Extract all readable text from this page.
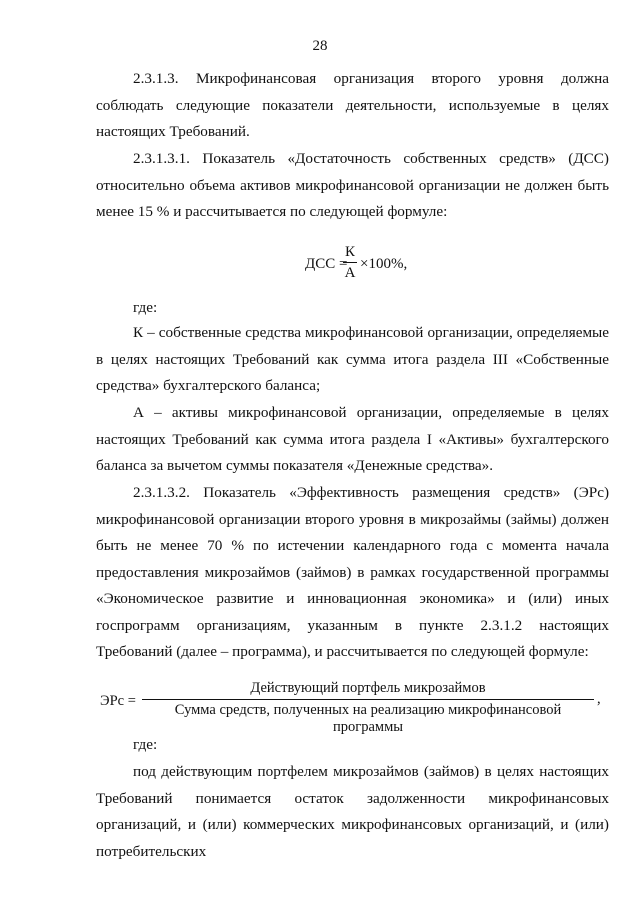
28

2.3.1.3. Микрофинансовая организация второго уровня должна соблюдать следующие показатели деятельности, используемые в целях настоящих Требований.

2.3.1.3.1. Показатель «Достаточность собственных средств» (ДСС) относительно объема активов микрофинансовой организации не должен быть менее 15 % и рассчитывается по следующей формуле:

ДСС =
К
А
×100%,

где:

К – собственные средства микрофинансовой организации, определяемые в целях настоящих Требований как сумма итога раздела III «Собственные средства» бухгалтерского баланса;

А – активы микрофинансовой организации, определяемые в целях настоящих Требований как сумма итога раздела I «Активы» бухгалтерского баланса за вычетом суммы показателя «Денежные средства».

2.3.1.3.2. Показатель «Эффективность размещения средств» (ЭРс) микрофинансовой организации второго уровня в микрозаймы (займы) должен быть не менее 70 % по истечении календарного года с момента начала предоставления микрозаймов (займов) в рамках государственной программы «Экономическое развитие и инновационная экономика» и (или) иных госпрограмм организациям, указанным в пункте 2.3.1.2 настоящих Требований (далее – программа), и рассчитывается по следующей формуле:

ЭРс =
Действующий портфель микрозаймов
Сумма средств, полученных на реализацию микрофинансовой программы
,

где:

под действующим портфелем микрозаймов (займов) в целях настоящих Требований понимается остаток задолженности микрофинансовых организаций, и (или) коммерческих микрофинансовых организаций, и (или) потребительских
